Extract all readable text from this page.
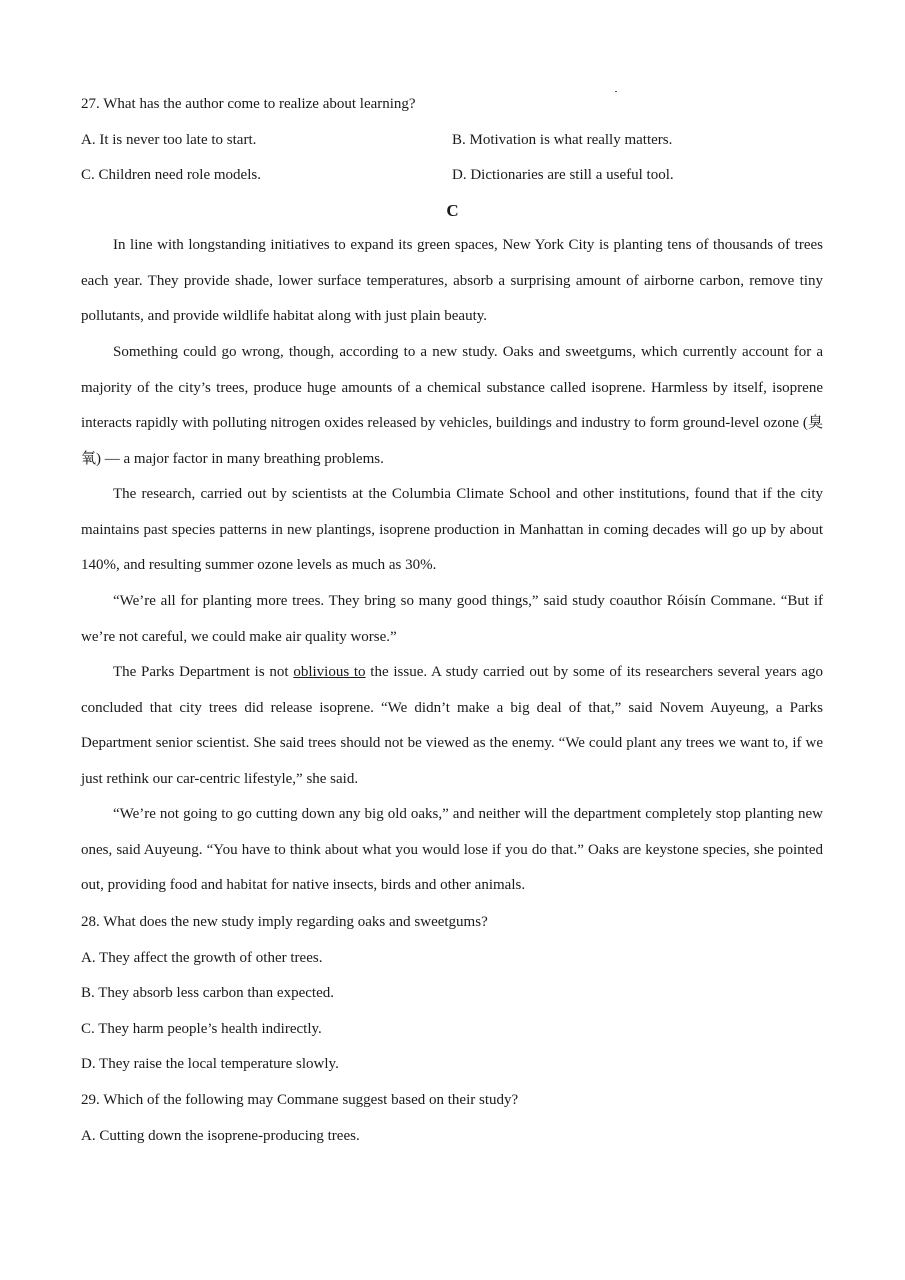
27. What has the author come to realize about learning?
A. It is never too late to start.	B. Motivation is what really matters.
C. Children need role models.	D. Dictionaries are still a useful tool.
C

In line with longstanding initiatives to expand its green spaces, New York City is planting tens of thousands of trees each year. They provide shade, lower surface temperatures, absorb a surprising amount of airborne carbon, remove tiny pollutants, and provide wildlife habitat along with just plain beauty.

Something could go wrong, though, according to a new study. Oaks and sweetgums, which currently account for a majority of the city’s trees, produce huge amounts of a chemical substance called isoprene. Harmless by itself, isoprene interacts rapidly with polluting nitrogen oxides released by vehicles, buildings and industry to form ground-level ozone (臭氧) — a major factor in many breathing problems.

The research, carried out by scientists at the Columbia Climate School and other institutions, found that if the city maintains past species patterns in new plantings, isoprene production in Manhattan in coming decades will go up by about 140%, and resulting summer ozone levels as much as 30%.

“We’re all for planting more trees. They bring so many good things,” said study coauthor Róisín Commane. “But if we’re not careful, we could make air quality worse.”

The Parks Department is not oblivious to the issue. A study carried out by some of its researchers several years ago concluded that city trees did release isoprene. “We didn’t make a big deal of that,” said Novem Auyeung, a Parks Department senior scientist. She said trees should not be viewed as the enemy. “We could plant any trees we want to, if we just rethink our car-centric lifestyle,” she said.

“We’re not going to go cutting down any big old oaks,” and neither will the department completely stop planting new ones, said Auyeung. “You have to think about what you would lose if you do that.” Oaks are keystone species, she pointed out, providing food and habitat for native insects, birds and other animals.

28. What does the new study imply regarding oaks and sweetgums?
A. They affect the growth of other trees.
B. They absorb less carbon than expected.
C. They harm people’s health indirectly.
D. They raise the local temperature slowly.
29. Which of the following may Commane suggest based on their study?
A. Cutting down the isoprene-producing trees.
